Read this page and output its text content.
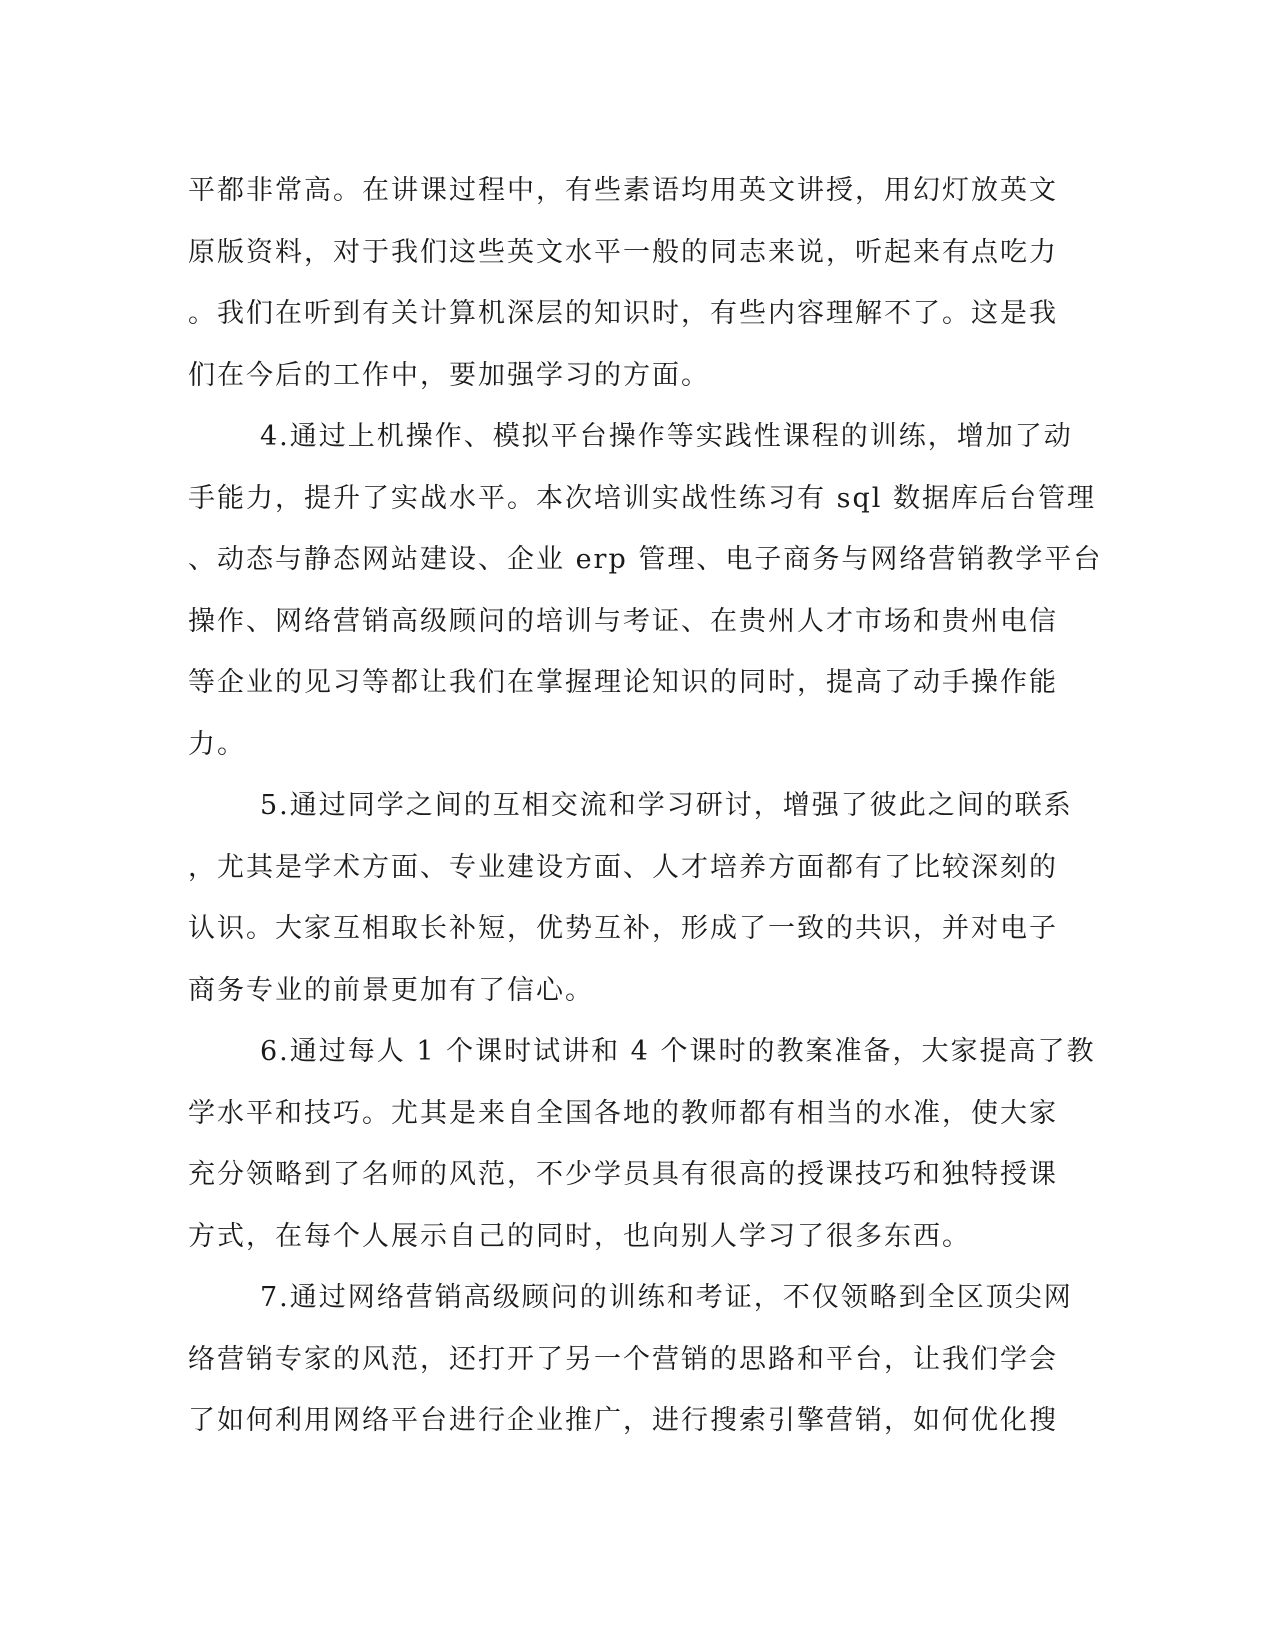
平都非常高。在讲课过程中，有些素语均用英文讲授，用幻灯放英文
原版资料，对于我们这些英文水平一般的同志来说，听起来有点吃力
。我们在听到有关计算机深层的知识时，有些内容理解不了。这是我
们在今后的工作中，要加强学习的方面。
4.通过上机操作、模拟平台操作等实践性课程的训练，增加了动
手能力，提升了实战水平。本次培训实战性练习有 sql 数据库后台管理
、动态与静态网站建设、企业 erp 管理、电子商务与网络营销教学平台
操作、网络营销高级顾问的培训与考证、在贵州人才市场和贵州电信
等企业的见习等都让我们在掌握理论知识的同时，提高了动手操作能
力。
5.通过同学之间的互相交流和学习研讨，增强了彼此之间的联系
，尤其是学术方面、专业建设方面、人才培养方面都有了比较深刻的
认识。大家互相取长补短，优势互补，形成了一致的共识，并对电子
商务专业的前景更加有了信心。
6.通过每人 1 个课时试讲和 4 个课时的教案准备，大家提高了教
学水平和技巧。尤其是来自全国各地的教师都有相当的水准，使大家
充分领略到了名师的风范，不少学员具有很高的授课技巧和独特授课
方式，在每个人展示自己的同时，也向别人学习了很多东西。
7.通过网络营销高级顾问的训练和考证，不仅领略到全区顶尖网
络营销专家的风范，还打开了另一个营销的思路和平台，让我们学会
了如何利用网络平台进行企业推广，进行搜索引擎营销，如何优化搜
